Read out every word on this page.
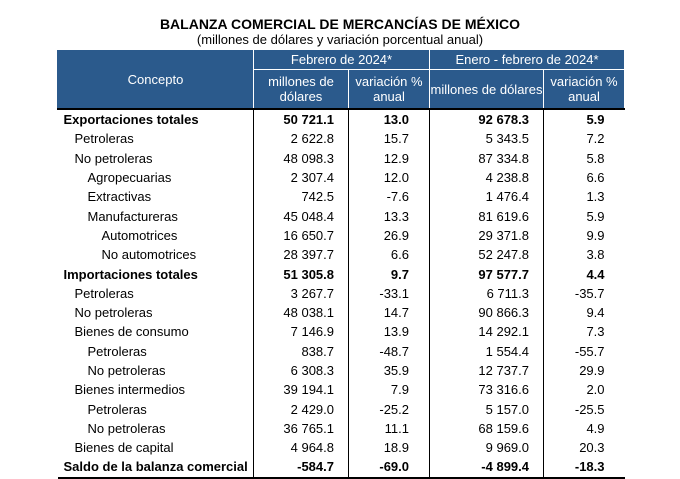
BALANZA COMERCIAL DE MERCANCÍAS DE MÉXICO
(millones de dólares y variación porcentual anual)
Concepto	Febrero de 2024*		Enero - febrero de 2024*	
	millones de dólares	variación % anual	millones de dólares	variación % anual
Exportaciones totales	50 721.1	13.0	92 678.3	5.9
Petroleras	2 622.8	15.7	5 343.5	7.2
No petroleras	48 098.3	12.9	87 334.8	5.8
Agropecuarias	2 307.4	12.0	4 238.8	6.6
Extractivas	742.5	-7.6	1 476.4	1.3
Manufactureras	45 048.4	13.3	81 619.6	5.9
Automotrices	16 650.7	26.9	29 371.8	9.9
No automotrices	28 397.7	6.6	52 247.8	3.8
Importaciones totales	51 305.8	9.7	97 577.7	4.4
Petroleras	3 267.7	-33.1	6 711.3	-35.7
No petroleras	48 038.1	14.7	90 866.3	9.4
Bienes de consumo	7 146.9	13.9	14 292.1	7.3
Petroleras	838.7	-48.7	1 554.4	-55.7
No petroleras	6 308.3	35.9	12 737.7	29.9
Bienes intermedios	39 194.1	7.9	73 316.6	2.0
Petroleras	2 429.0	-25.2	5 157.0	-25.5
No petroleras	36 765.1	11.1	68 159.6	4.9
Bienes de capital	4 964.8	18.9	9 969.0	20.3
Saldo de la balanza comercial	-584.7	-69.0	-4 899.4	-18.3
